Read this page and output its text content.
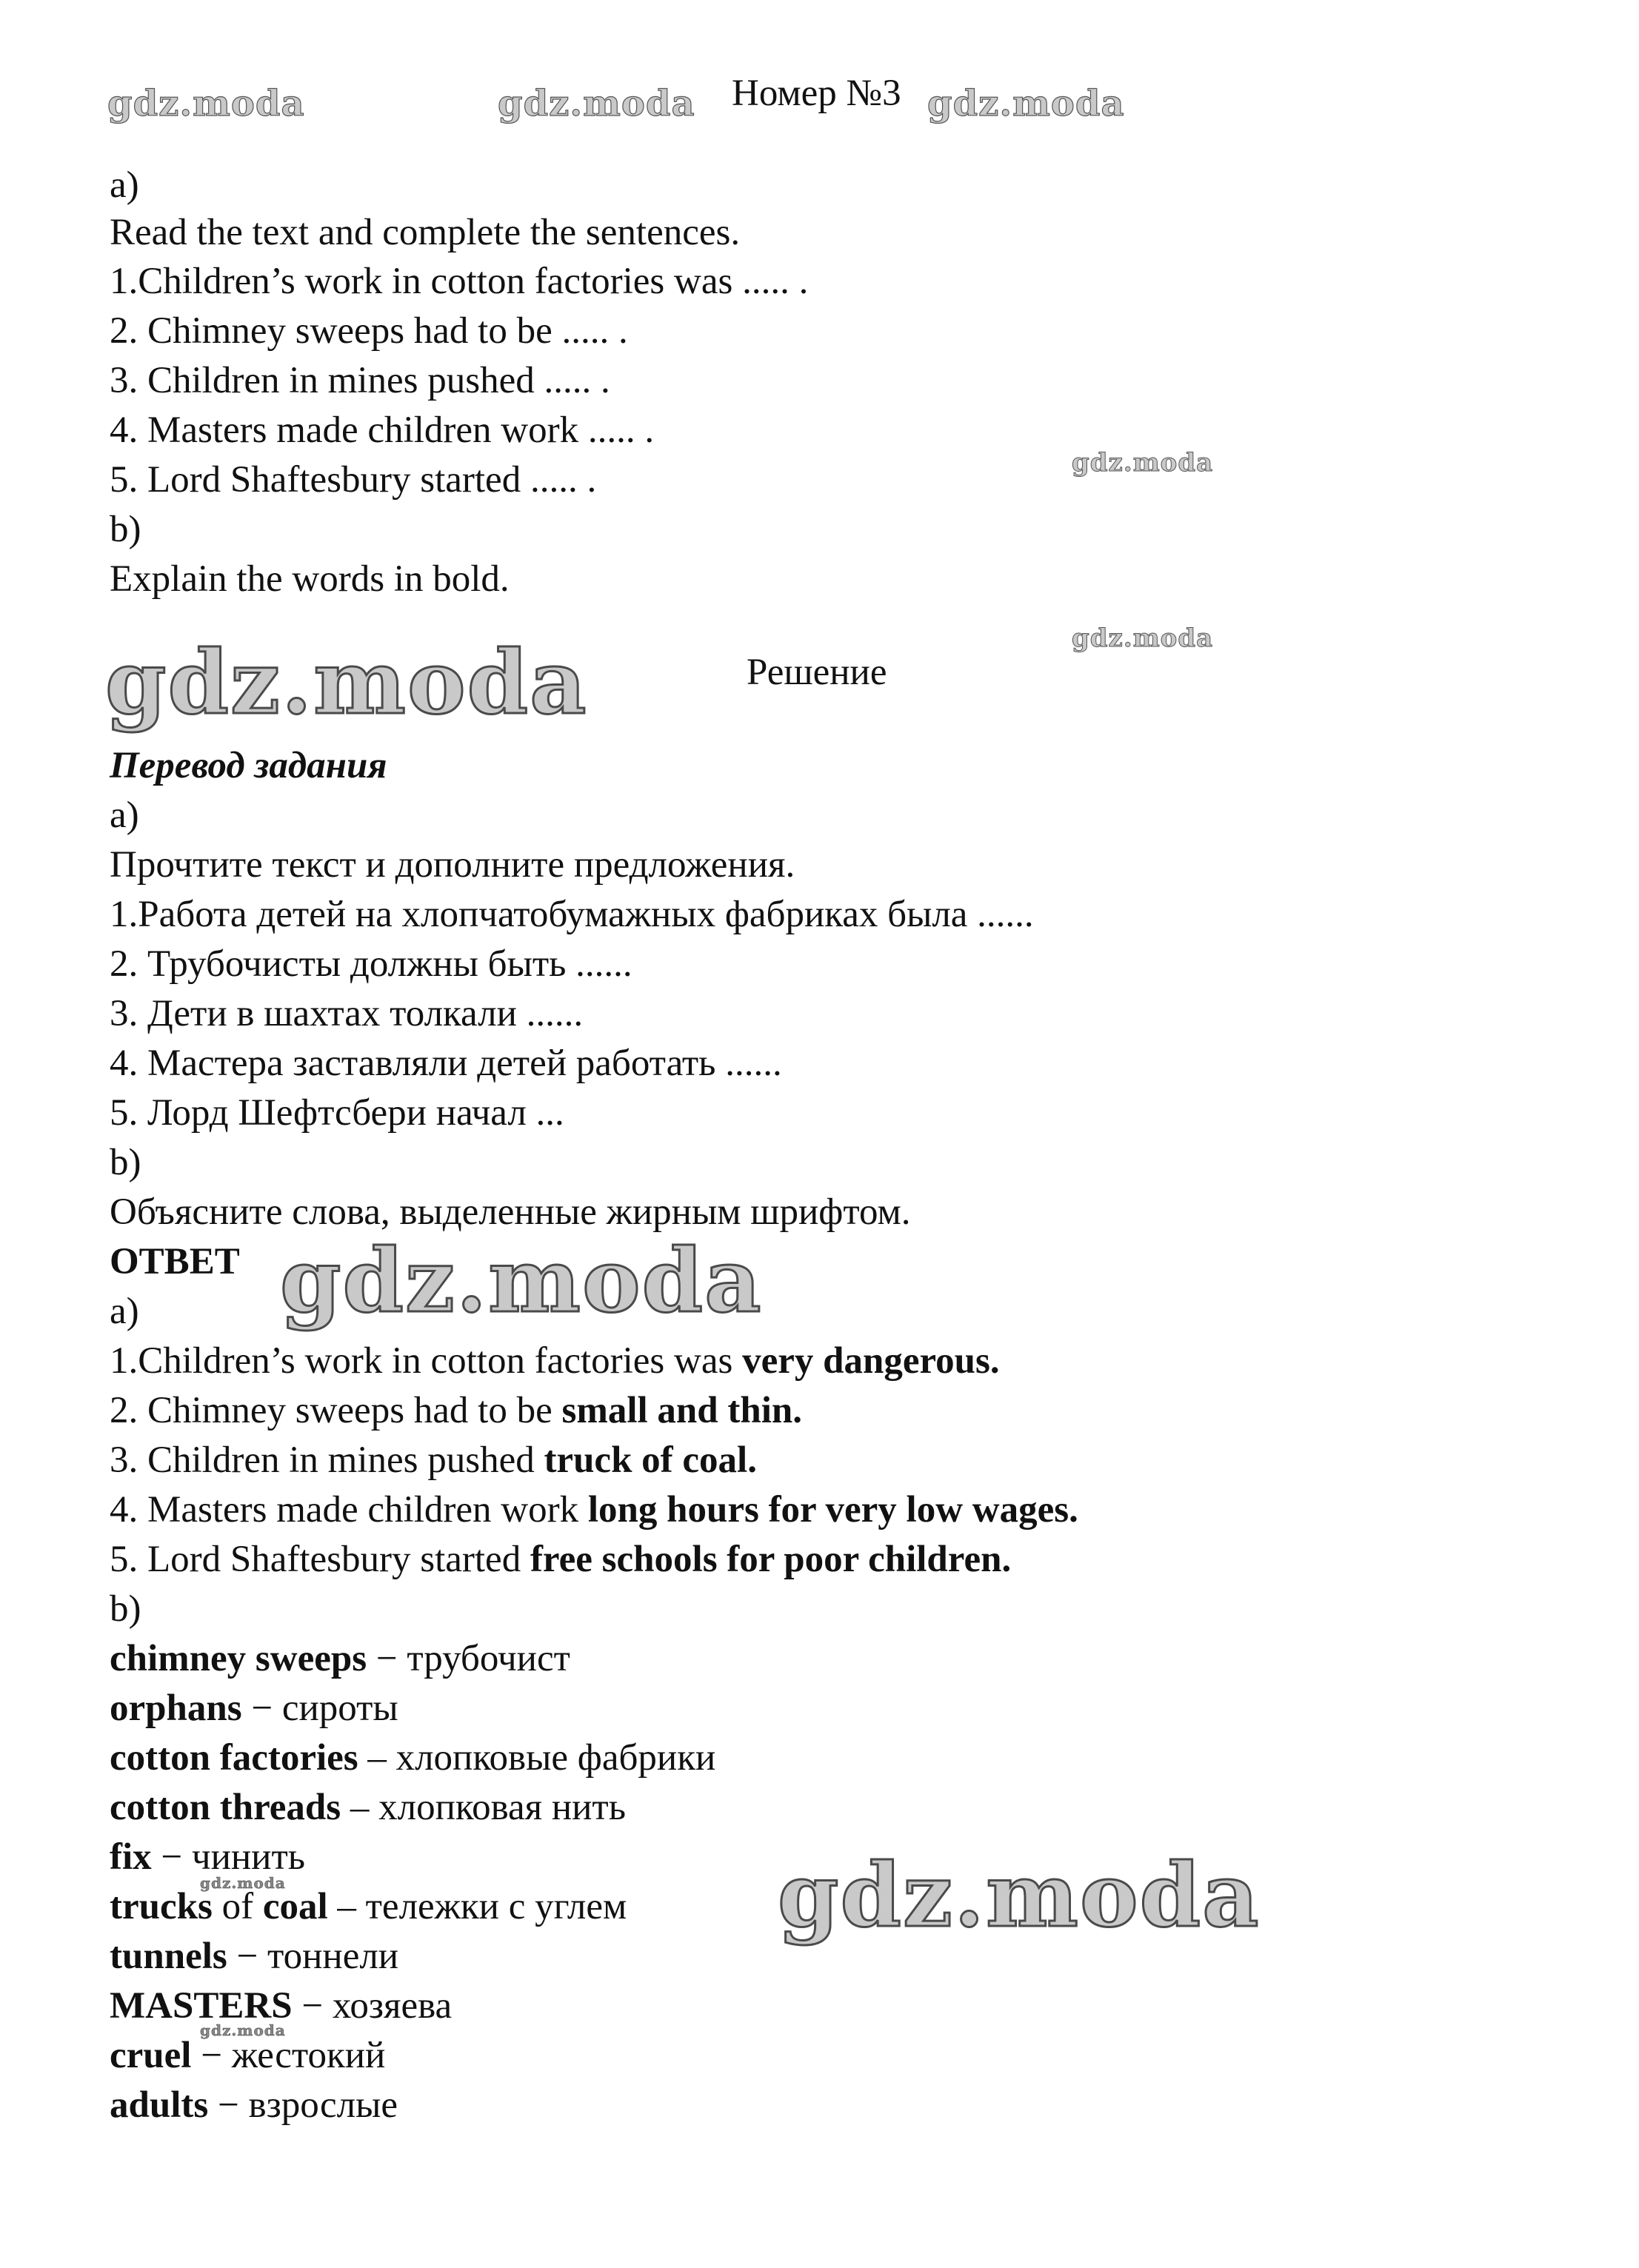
gdz.moda	gdz.moda	gdz.moda
gdz.moda
gdz.moda
gdz.moda
gdz.moda
gdz.moda
gdz.moda
gdz.moda
Номер №3
a)
Read the text and complete the sentences.
1.Children’s work in cotton factories was ..... .
2. Chimney sweeps had to be ..... .
3. Children in mines pushed ..... .
4. Masters made children work ..... .
5. Lord Shaftesbury started ..... .
b)
Explain the words in bold.
Решение
Перевод задания
а)
Прочтите текст и дополните предложения.
1.Работа детей на хлопчатобумажных фабриках была ......
2. Трубочисты должны быть ......
3. Дети в шахтах толкали ......
4. Мастера заставляли детей работать ......
5. Лорд Шефтсбери начал ...
b)
Объясните слова, выделенные жирным шрифтом.
ОТВЕТ
a)
1.Children’s work in cotton factories was very dangerous.
2. Chimney sweeps had to be small and thin.
3. Children in mines pushed truck of coal.
4. Masters made children work long hours for very low wages.
5. Lord Shaftesbury started free schools for poor children.
b)
chimney sweeps − трубочист
orphans − сироты
cotton factories – хлопковые фабрики
cotton threads – хлопковая нить
fix − чинить
trucks of coal – тележки с углем
tunnels − тоннели
MASTERS − хозяева
cruel − жестокий
adults − взрослые
